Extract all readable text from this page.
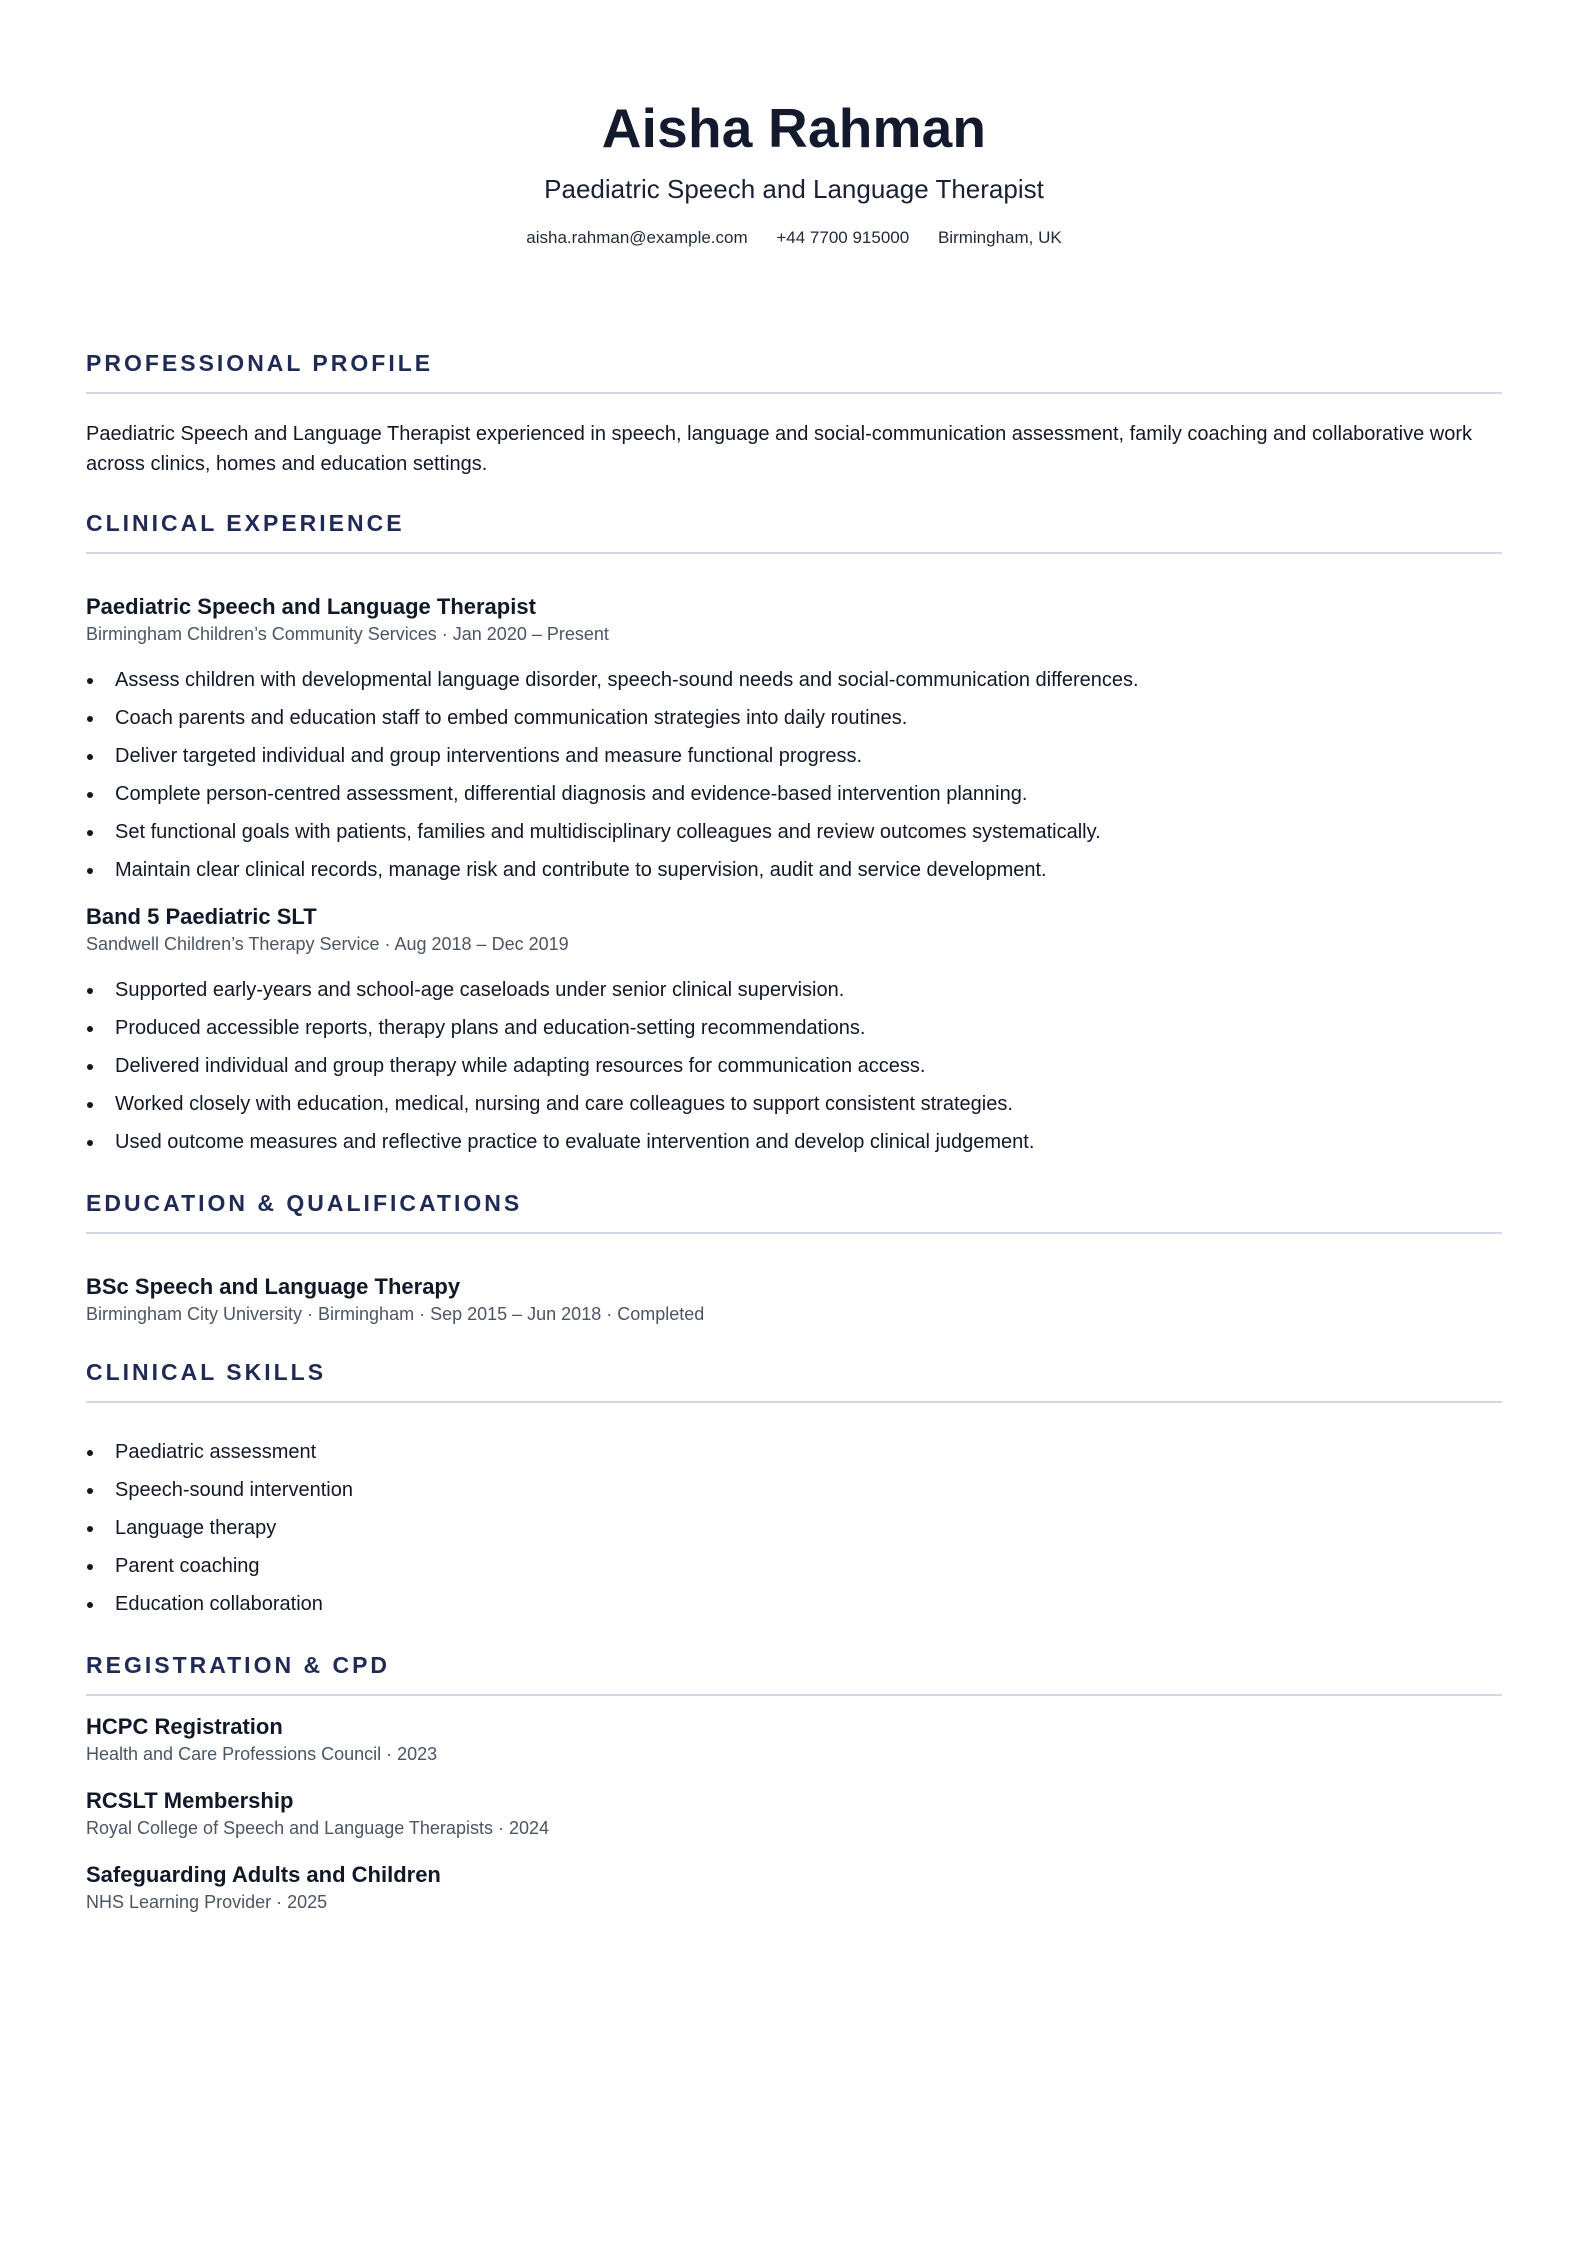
Aisha Rahman
Paediatric Speech and Language Therapist
aisha.rahman@example.com +44 7700 915000 Birmingham, UK
PROFESSIONAL PROFILE
Paediatric Speech and Language Therapist experienced in speech, language and social-communication assessment, family coaching and collaborative work across clinics, homes and education settings.
CLINICAL EXPERIENCE
Paediatric Speech and Language Therapist
Birmingham Children’s Community Services · Jan 2020 – Present
Assess children with developmental language disorder, speech-sound needs and social-communication differences.
Coach parents and education staff to embed communication strategies into daily routines.
Deliver targeted individual and group interventions and measure functional progress.
Complete person-centred assessment, differential diagnosis and evidence-based intervention planning.
Set functional goals with patients, families and multidisciplinary colleagues and review outcomes systematically.
Maintain clear clinical records, manage risk and contribute to supervision, audit and service development.
Band 5 Paediatric SLT
Sandwell Children’s Therapy Service · Aug 2018 – Dec 2019
Supported early-years and school-age caseloads under senior clinical supervision.
Produced accessible reports, therapy plans and education-setting recommendations.
Delivered individual and group therapy while adapting resources for communication access.
Worked closely with education, medical, nursing and care colleagues to support consistent strategies.
Used outcome measures and reflective practice to evaluate intervention and develop clinical judgement.
EDUCATION & QUALIFICATIONS
BSc Speech and Language Therapy
Birmingham City University · Birmingham · Sep 2015 – Jun 2018 · Completed
CLINICAL SKILLS
Paediatric assessment
Speech-sound intervention
Language therapy
Parent coaching
Education collaboration
REGISTRATION & CPD
HCPC Registration
Health and Care Professions Council · 2023
RCSLT Membership
Royal College of Speech and Language Therapists · 2024
Safeguarding Adults and Children
NHS Learning Provider · 2025
